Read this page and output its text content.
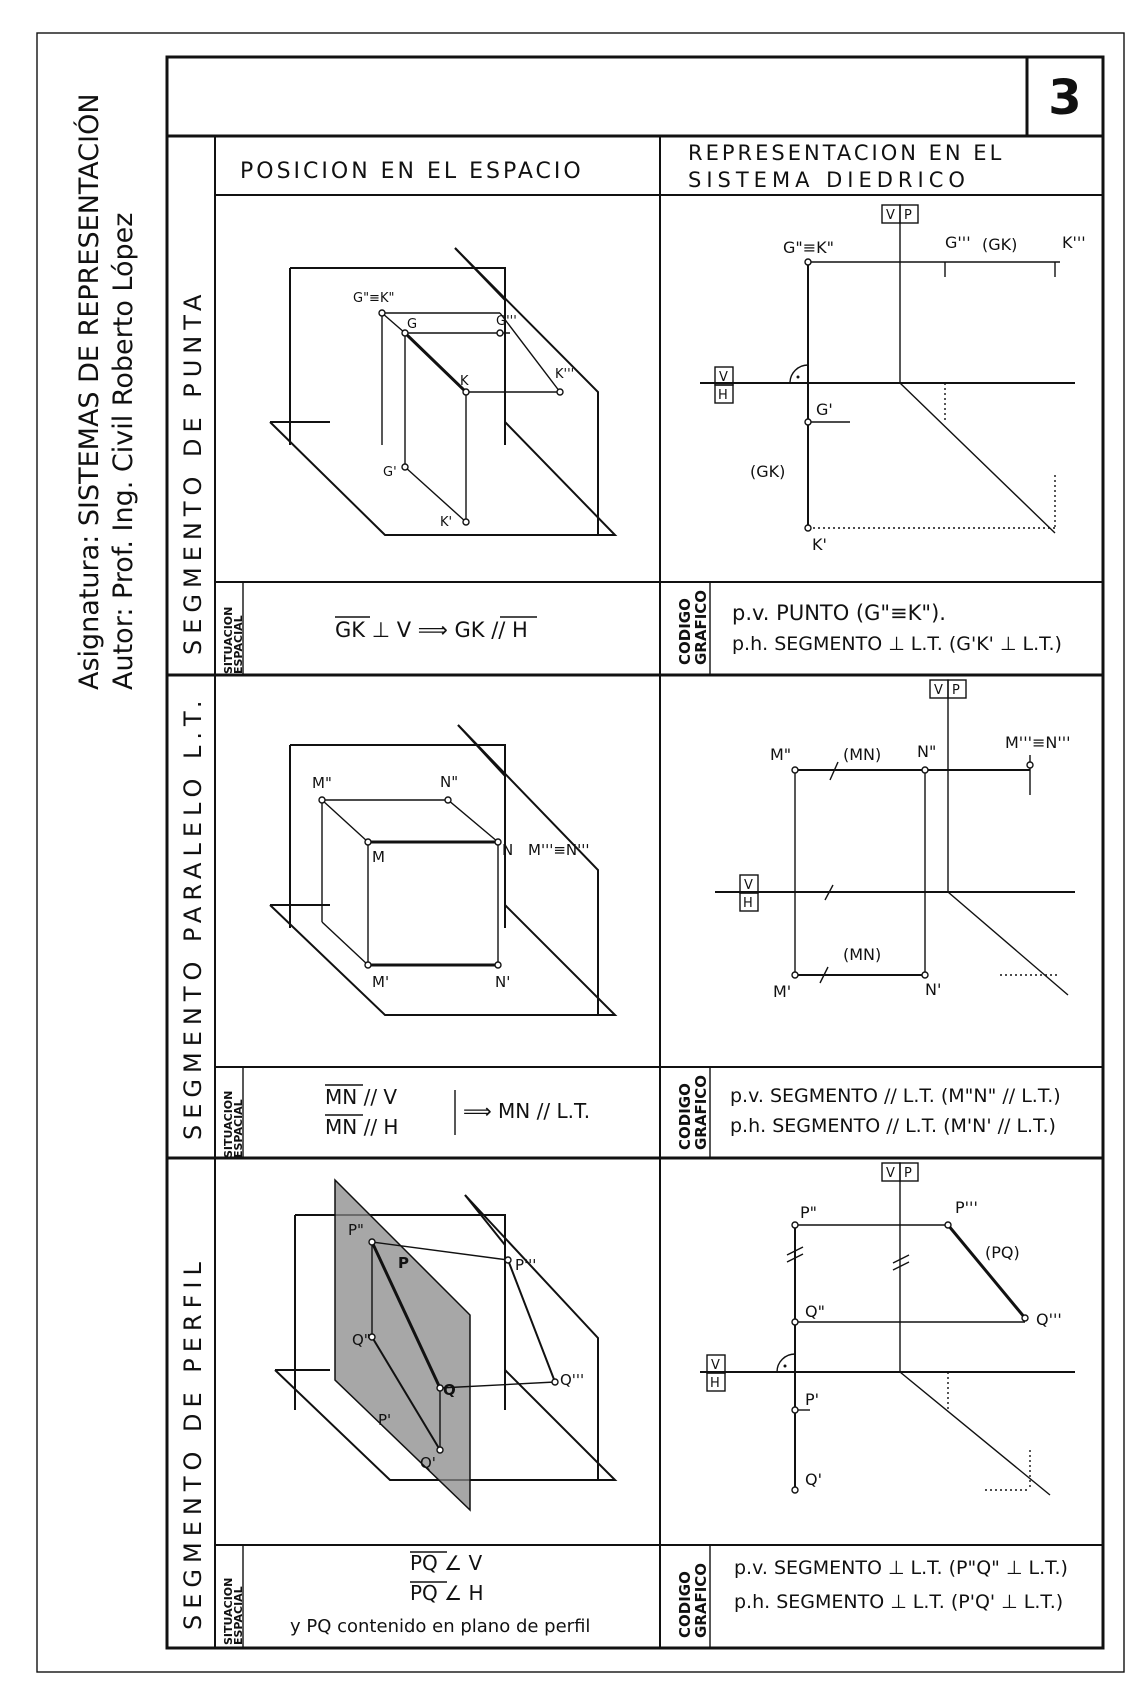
Asignatura: SISTEMAS DE REPRESENTACIÓN Autor: Prof. Ing. Civil Roberto López
3
POSICION EN EL ESPACIO
REPRESENTACION EN EL
SISTEMA DIEDRICO
SEGMENTO DE PUNTA
SEGMENTO PARALELO L.T.
SEGMENTO DE PERFIL
SITUACION
ESPACIAL
SITUACION
ESPACIAL
SITUACION
ESPACIAL
CODIGO
GRAFICO
CODIGO
GRAFICO
CODIGO
GRAFICO
G"≡K"
G	G'''
K	K'''
G'
K'
V P
V
H
G"≡K"	G''' (GK)	K'''
G'
(GK)
K'
GK ⊥ V ⟹ GK // H
p.v. PUNTO (G"≡K").
p.h. SEGMENTO ⊥ L.T. (G'K' ⊥ L.T.)
M"	N"
M	N M'''≡N'''
M'	N'
V P
V
H
M"	(MN) N"	M'''≡N'''
(MN)
M'	N'
MN // V
MN // H
⟹ MN // L.T.
p.v. SEGMENTO // L.T. (M"N" // L.T.)
p.h. SEGMENTO // L.T. (M'N' // L.T.)
P"
P	P'''
Q"
Q
Q'''
P'
Q'
V P
V
H
P"	P'''
(PQ)
Q"	Q'''
P'
Q'
PQ ∠ V
PQ ∠ H
y PQ contenido en plano de perfil
p.v. SEGMENTO ⊥ L.T. (P"Q" ⊥ L.T.)
p.h. SEGMENTO ⊥ L.T. (P'Q' ⊥ L.T.)
